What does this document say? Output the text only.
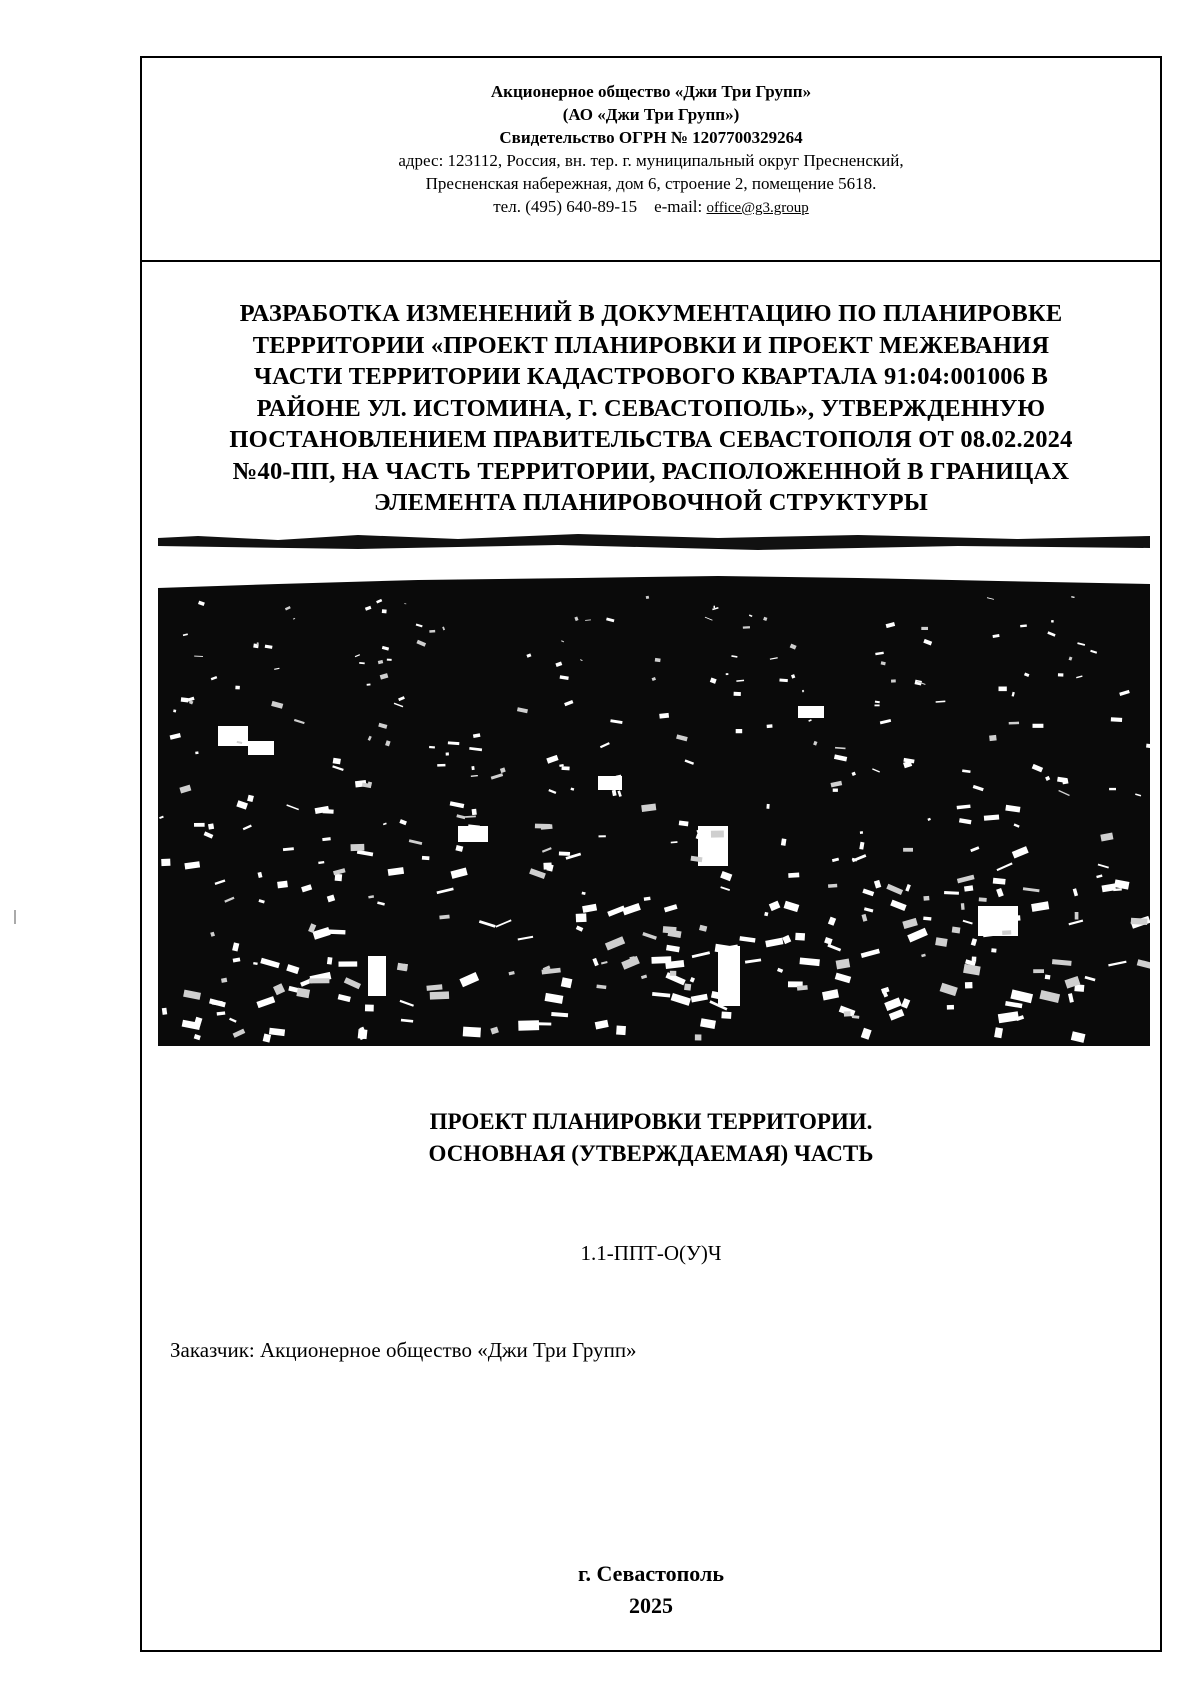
Акционерное общество «Джи Три Групп»
(АО «Джи Три Групп»)
Свидетельство ОГРН № 1207700329264
адрес: 123112, Россия, вн. тер. г. муниципальный округ Пресненский,
Пресненская набережная, дом 6, строение 2, помещение 5618.
тел. (495) 640-89-15 e-mail: office@g3.group
РАЗРАБОТКА ИЗМЕНЕНИЙ В ДОКУМЕНТАЦИЮ ПО ПЛАНИРОВКЕ
ТЕРРИТОРИИ «ПРОЕКТ ПЛАНИРОВКИ И ПРОЕКТ МЕЖЕВАНИЯ
ЧАСТИ ТЕРРИТОРИИ КАДАСТРОВОГО КВАРТАЛА 91:04:001006 В
РАЙОНЕ УЛ. ИСТОМИНА, Г. СЕВАСТОПОЛЬ», УТВЕРЖДЕННУЮ
ПОСТАНОВЛЕНИЕМ ПРАВИТЕЛЬСТВА СЕВАСТОПОЛЯ ОТ 08.02.2024
№40-ПП, НА ЧАСТЬ ТЕРРИТОРИИ, РАСПОЛОЖЕННОЙ В ГРАНИЦАХ
ЭЛЕМЕНТА ПЛАНИРОВОЧНОЙ СТРУКТУРЫ
ПРОЕКТ ПЛАНИРОВКИ ТЕРРИТОРИИ.
ОСНОВНАЯ (УТВЕРЖДАЕМАЯ) ЧАСТЬ
1.1-ППТ-О(У)Ч
Заказчик: Акционерное общество «Джи Три Групп»
г. Севастополь
2025
